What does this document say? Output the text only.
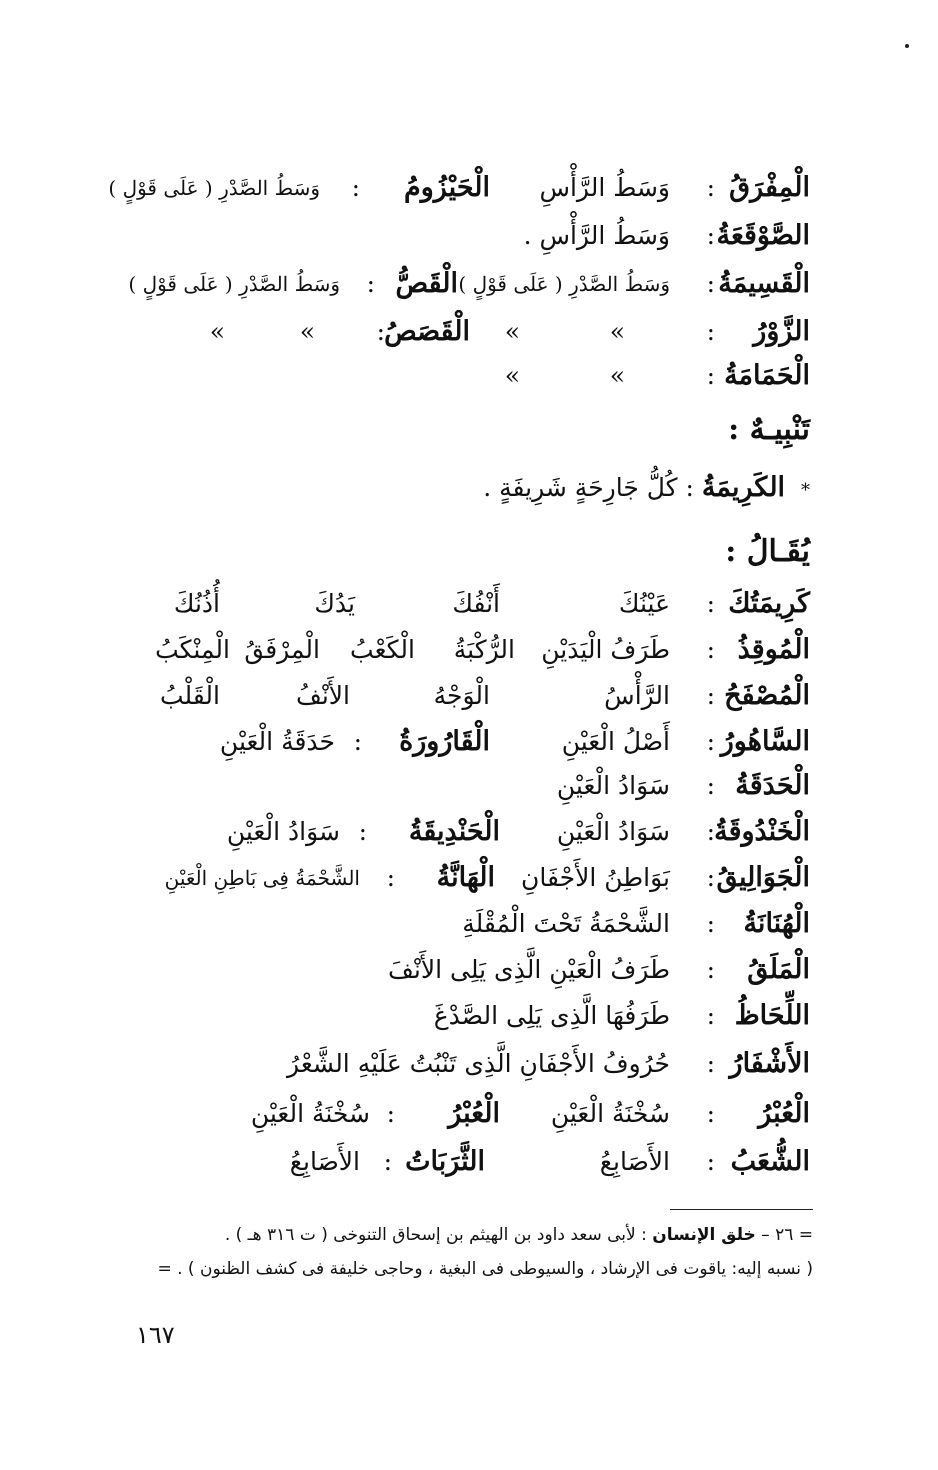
الْمِفْرَقُ
:
وَسَطُ الرَّأْسِ
الْحَيْزُومُ
:
وَسَطُ الصَّدْرِ ( عَلَى قَوْلٍ )
الصَّوْقَعَةُ
:
وَسَطُ الرَّأْسِ .
الْقَسِيمَةُ
:
وَسَطُ الصَّدْرِ ( عَلَى قَوْلٍ )
الْقَصُّ
:
وَسَطُ الصَّدْرِ ( عَلَى قَوْلٍ )
الزَّوْرُ
:
»
»
الْقَصَصُ
:
»
»
الْحَمَامَةُ
:
»
»
تَنْبِيـهٌ :
* الكَرِيمَةُ : كُلُّ جَارِحَةٍ شَرِيفَةٍ .
يُقَـالُ :
كَرِيمَتُكَ
:
عَيْنُكَ
أَنْفُكَ
يَدُكَ
أُذُنُكَ
الْمُوقِذُ
:
طَرَفُ الْيَدَيْنِ
الرُّكْبَةُ
الْكَعْبُ
الْمِرْفَقُ
الْمِنْكَبُ
الْمُصْفَحُ
:
الرَّأْسُ
الْوَجْهُ
الأَنْفُ
الْقَلْبُ
السَّاهُورُ
:
أَصْلُ الْعَيْنِ
الْقَارُورَةُ
:
حَدَقَةُ الْعَيْنِ
الْحَدَقَةُ
:
سَوَادُ الْعَيْنِ
الْخَنْدُوقَةُ
:
سَوَادُ الْعَيْنِ
الْحَنْدِيقَةُ
:
سَوَادُ الْعَيْنِ
الْجَوَالِيقُ
:
بَوَاطِنُ الأَجْفَانِ
الْهَانَّةُ
:
الشَّحْمَةُ فِى بَاطِنِ الْعَيْنِ
الْهُنَانَةُ
:
الشَّحْمَةُ تَحْتَ الْمُقْلَةِ
الْمَلَقُ
:
طَرَفُ الْعَيْنِ الَّذِى يَلِى الأَنْفَ
اللِّحَاظُ
:
طَرَفُهَا الَّذِى يَلِى الصَّدْغَ
الأَشْفَارُ
:
حُرُوفُ الأَجْفَانِ الَّذِى تَنْبُتُ عَلَيْهِ الشَّعْرُ
الْعُبْرُ
:
سُخْنَةُ الْعَيْنِ
الْعُبْرُ
:
سُخْنَةُ الْعَيْنِ
الشُّعَبُ
:
الأَصَابِعُ
الثَّرَبَاتُ
:
الأَصَابِعُ
= ٢٦ – خلق الإنسان : لأبى سعد داود بن الهيثم بن إسحاق التنوخى ( ت ٣١٦ هـ ) .
( نسبه إليه: ياقوت فى الإرشاد ، والسيوطى فى البغية ، وحاجى خليفة فى كشف الظنون ) . =
١٦٧
